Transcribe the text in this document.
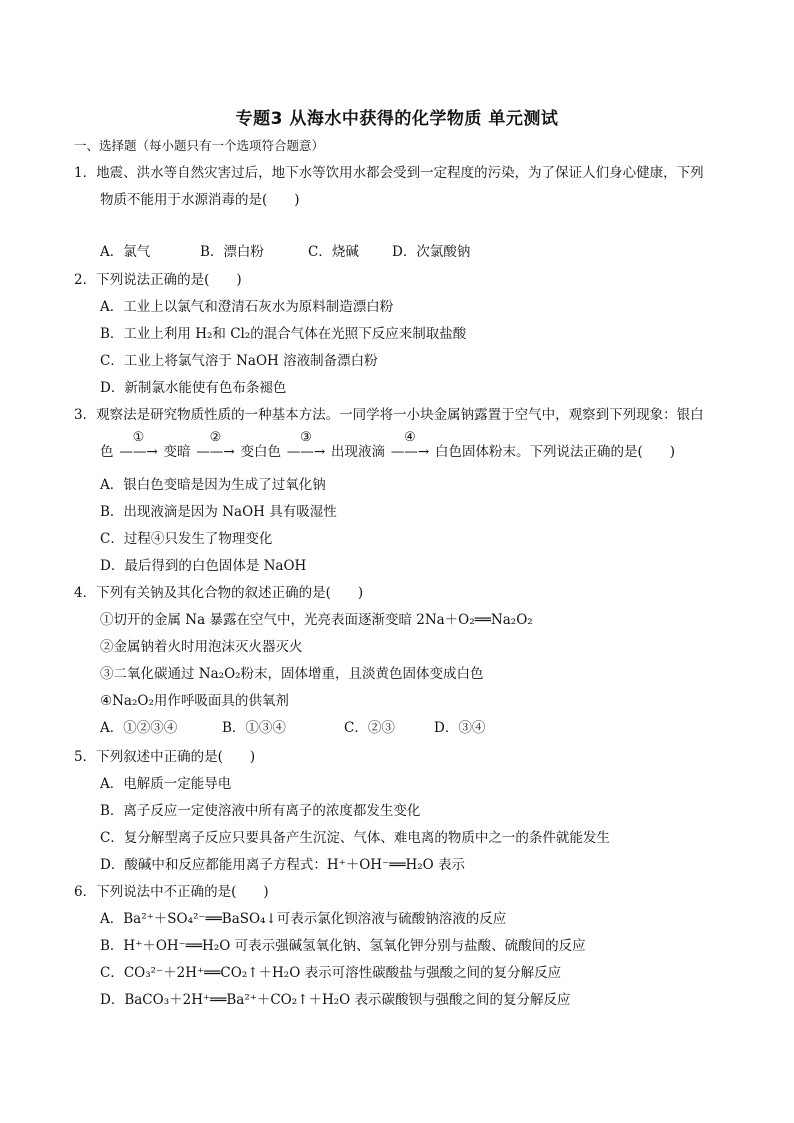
专题3 从海水中获得的化学物质 单元测试
一、选择题（每小题只有一个选项符合题意）
1．地震、洪水等自然灾害过后，地下水等饮用水都会受到一定程度的污染，为了保证人们身心健康，下列
物质不能用于水源消毒的是(　　)
A．氯气	B．漂白粉	C．烧碱 D．次氯酸钠
2．下列说法正确的是(　　)
A．工业上以氯气和澄清石灰水为原料制造漂白粉
B．工业上利用 H₂和 Cl₂的混合气体在光照下反应来制取盐酸
C．工业上将氯气溶于 NaOH 溶液制备漂白粉
D．新制氯水能使有色布条褪色
3．观察法是研究物质性质的一种基本方法。一同学将一小块金属钠露置于空气中，观察到下列现象：银白
色
①
——→ 变暗
②
——→ 变白色
③
——→ 出现液滴
④
——→ 白色固体粉末。下列说法正确的是(　　)
A．银白色变暗是因为生成了过氧化钠
B．出现液滴是因为 NaOH 具有吸湿性
C．过程④只发生了物理变化
D．最后得到的白色固体是 NaOH
4．下列有关钠及其化合物的叙述正确的是(　　)
①切开的金属 Na 暴露在空气中，光亮表面逐渐变暗 2Na＋O₂══Na₂O₂
②金属钠着火时用泡沫灭火器灭火
③二氧化碳通过 Na₂O₂粉末，固体增重，且淡黄色固体变成白色
④Na₂O₂用作呼吸面具的供氧剂
A．①②③④	B．①③④	C．②③	D．③④
5．下列叙述中正确的是(　　)
A．电解质一定能导电
B．离子反应一定使溶液中所有离子的浓度都发生变化
C．复分解型离子反应只要具备产生沉淀、气体、难电离的物质中之一的条件就能发生
D．酸碱中和反应都能用离子方程式：H⁺＋OH⁻══H₂O 表示
6．下列说法中不正确的是(　　)
A．Ba²⁺＋SO₄²⁻══BaSO₄↓可表示氯化钡溶液与硫酸钠溶液的反应
B．H⁺＋OH⁻══H₂O 可表示强碱氢氧化钠、氢氧化钾分别与盐酸、硫酸间的反应
C．CO₃²⁻＋2H⁺══CO₂↑＋H₂O 表示可溶性碳酸盐与强酸之间的复分解反应
D．BaCO₃＋2H⁺══Ba²⁺＋CO₂↑＋H₂O 表示碳酸钡与强酸之间的复分解反应
